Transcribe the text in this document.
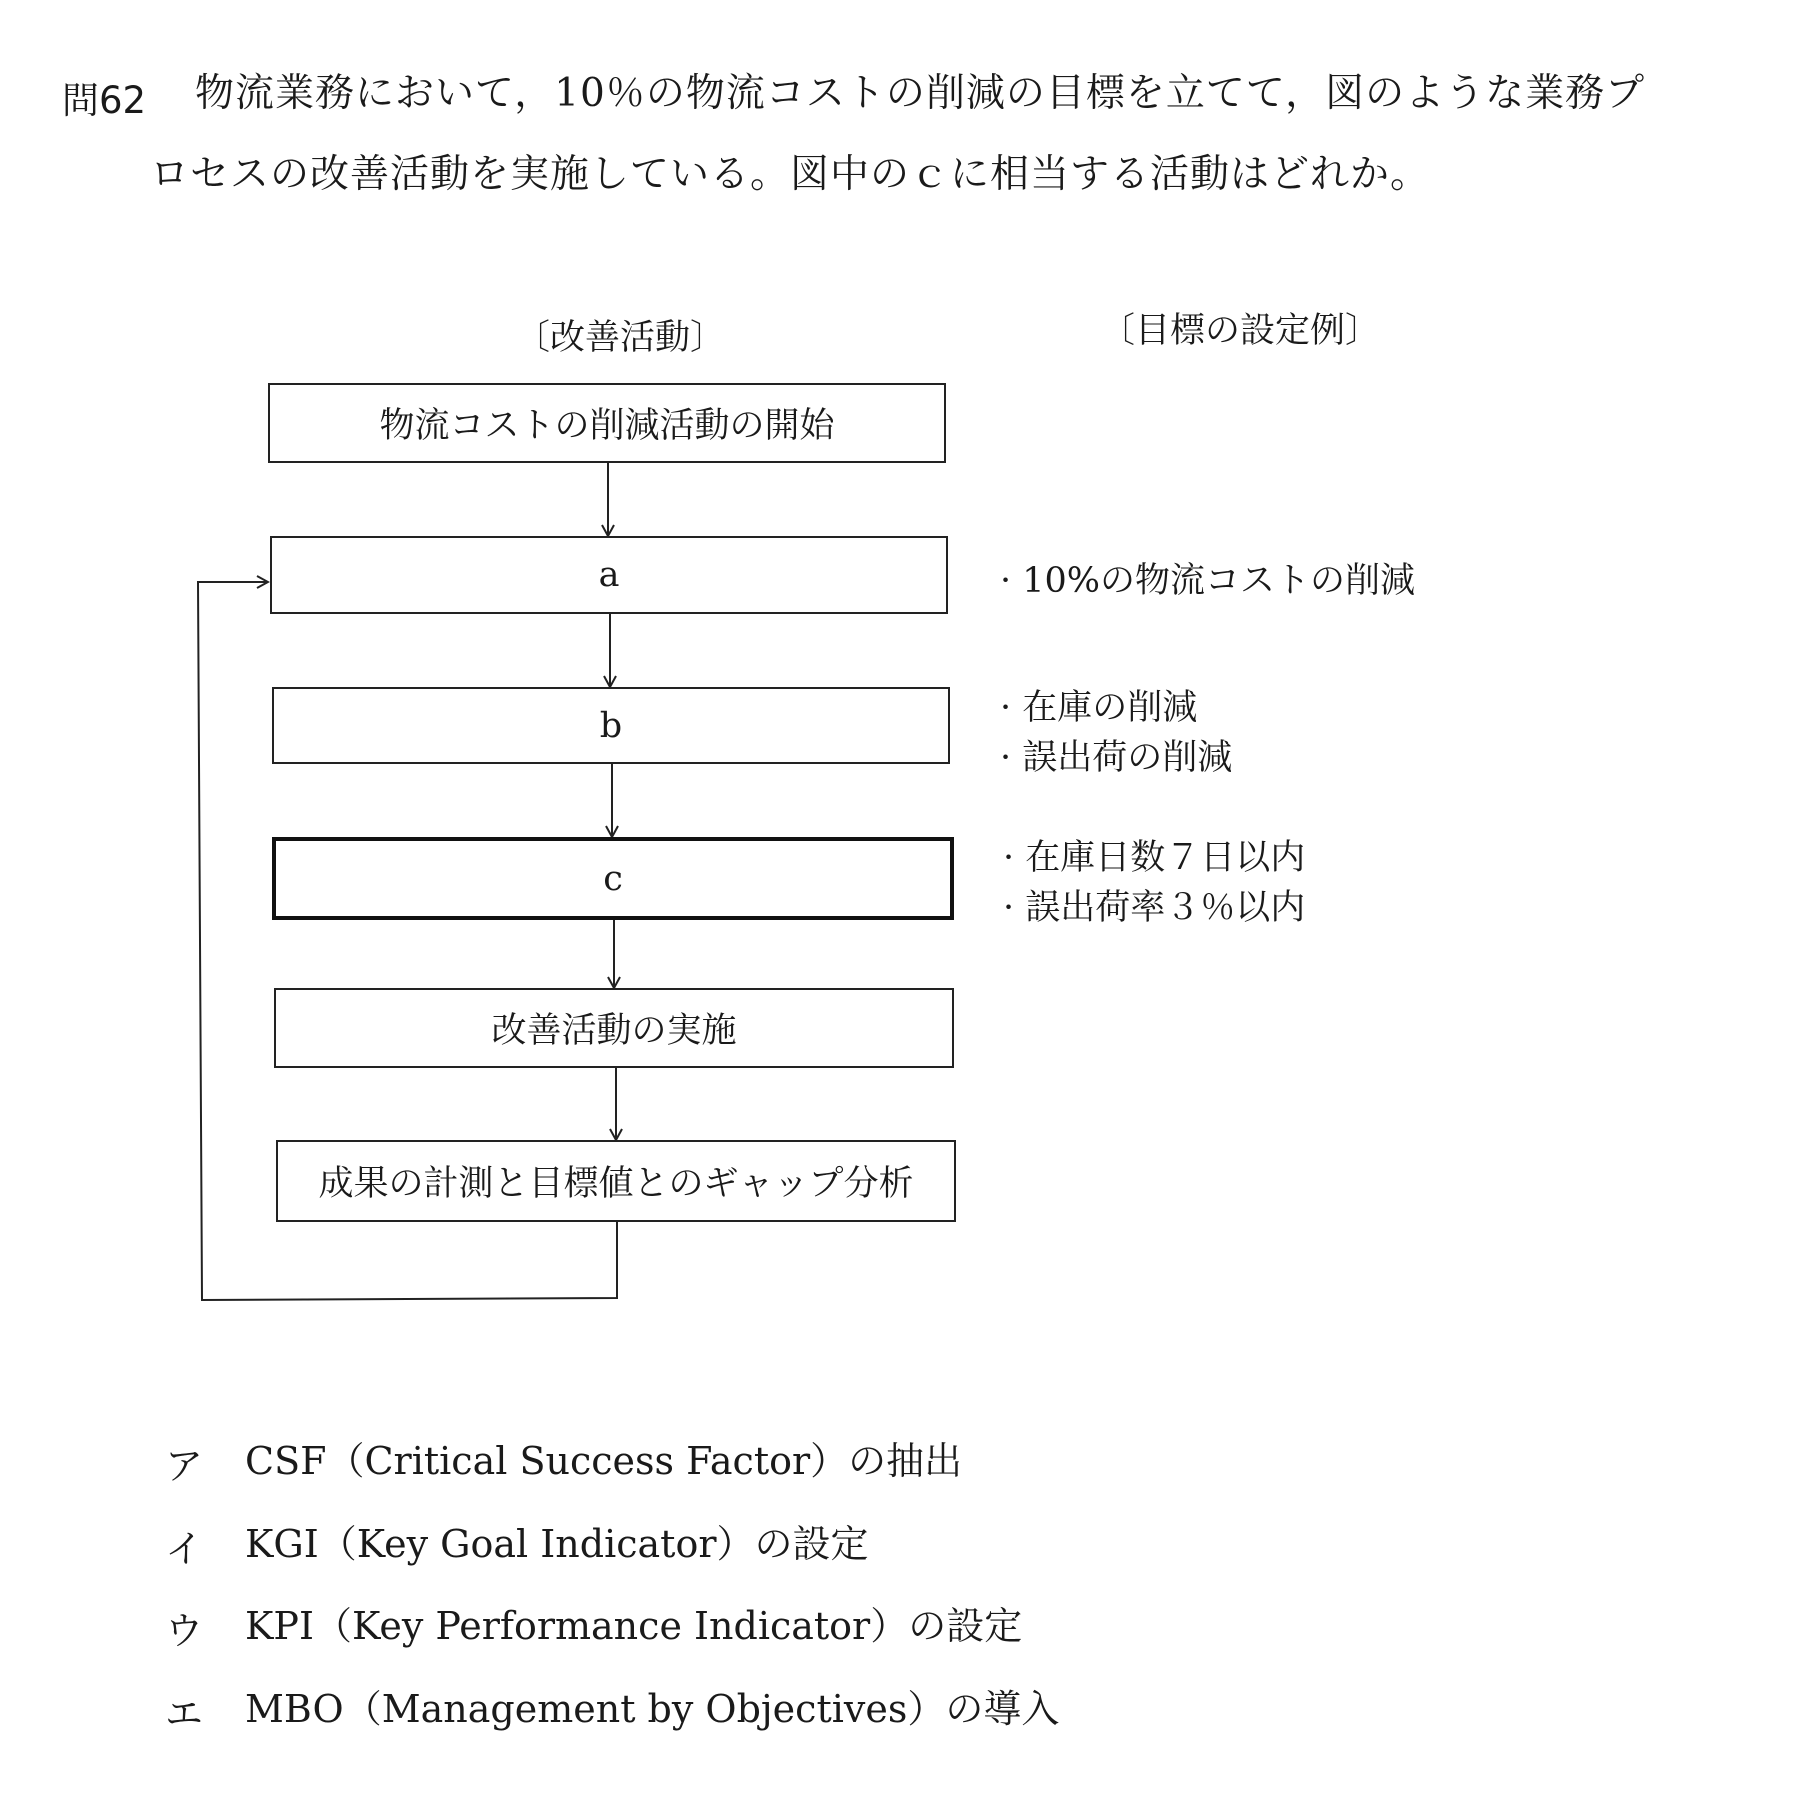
問62 物流業務において，10％の物流コストの削減の目標を立てて，図のような業務プ
ロセスの改善活動を実施している。図中のｃに相当する活動はどれか。
〔改善活動〕	〔目標の設定例〕
物流コストの削減活動の開始
a
b
c
改善活動の実施
成果の計測と目標値とのギャップ分析
· 10%の物流コストの削減
· 在庫の削減
· 誤出荷の削減
· 在庫日数７日以内
· 誤出荷率３％以内
ア CSF（Critical Success Factor）の抽出
イ KGI（Key Goal Indicator）の設定
ウ KPI（Key Performance Indicator）の設定
エ MBO（Management by Objectives）の導入
